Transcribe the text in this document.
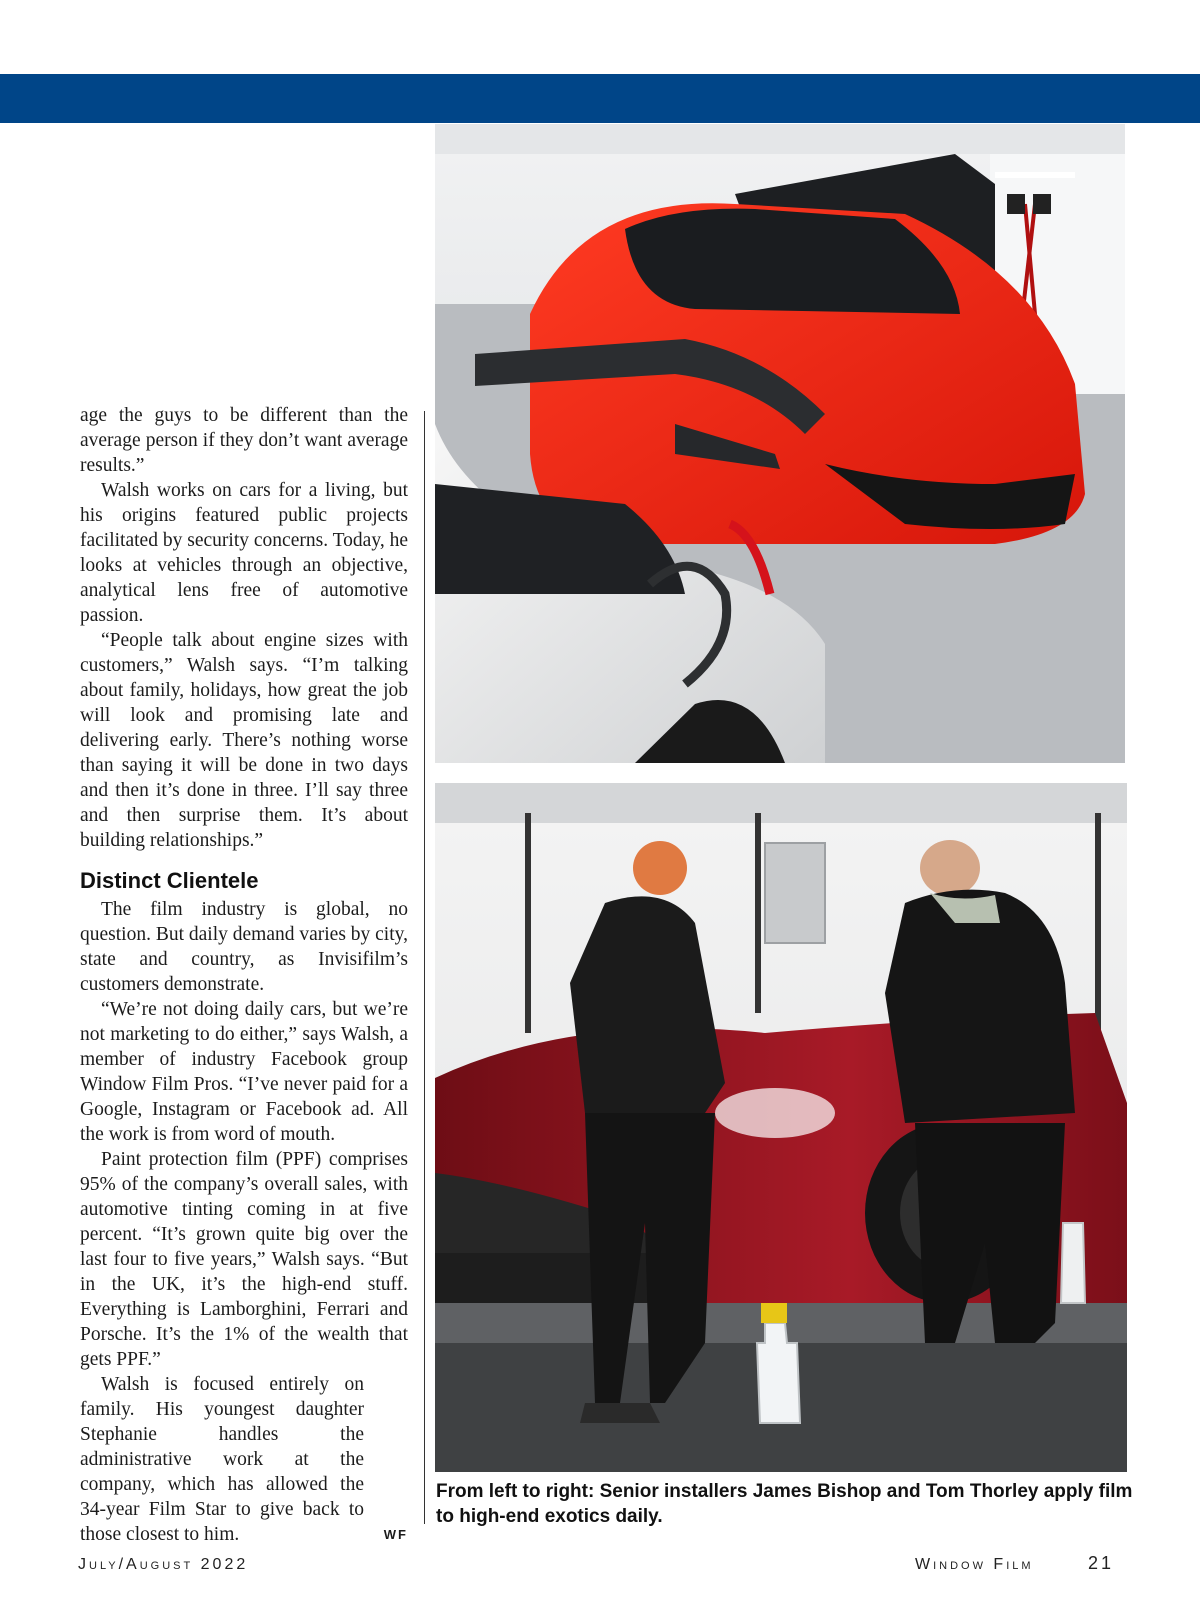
age the guys to be different than the average person if they don’t want average results.”

Walsh works on cars for a living, but his origins featured public projects facilitated by security concerns. Today, he looks at vehicles through an objective, analytical lens free of automotive passion.

“People talk about engine sizes with customers,” Walsh says. “I’m talking about family, holidays, how great the job will look and promising late and delivering early. There’s nothing worse than saying it will be done in two days and then it’s done in three. I’ll say three and then surprise them. It’s about building relationships.”

Distinct Clientele

The film industry is global, no question. But daily demand varies by city, state and country, as Invisifilm’s customers demonstrate.

“We’re not doing daily cars, but we’re not marketing to do either,” says Walsh, a member of industry Facebook group Window Film Pros. “I’ve never paid for a Google, Instagram or Facebook ad. All the work is from word of mouth.

Paint protection film (PPF) comprises 95% of the company’s overall sales, with automotive tinting coming in at five percent. “It’s grown quite big over the last four to five years,” Walsh says. “But in the UK, it’s the high-end stuff. Everything is Lamborghini, Ferrari and Porsche. It’s the 1% of the wealth that gets PPF.”

Walsh is focused entirely on family. His youngest daughter Stephanie handles the administrative work at the company, which has allowed the 34-year Film Star to give back to those closest to him.	WF
From left to right: Senior installers James Bishop and Tom Thorley apply film to high-end exotics daily.
July/August 2022	Window Film	21
